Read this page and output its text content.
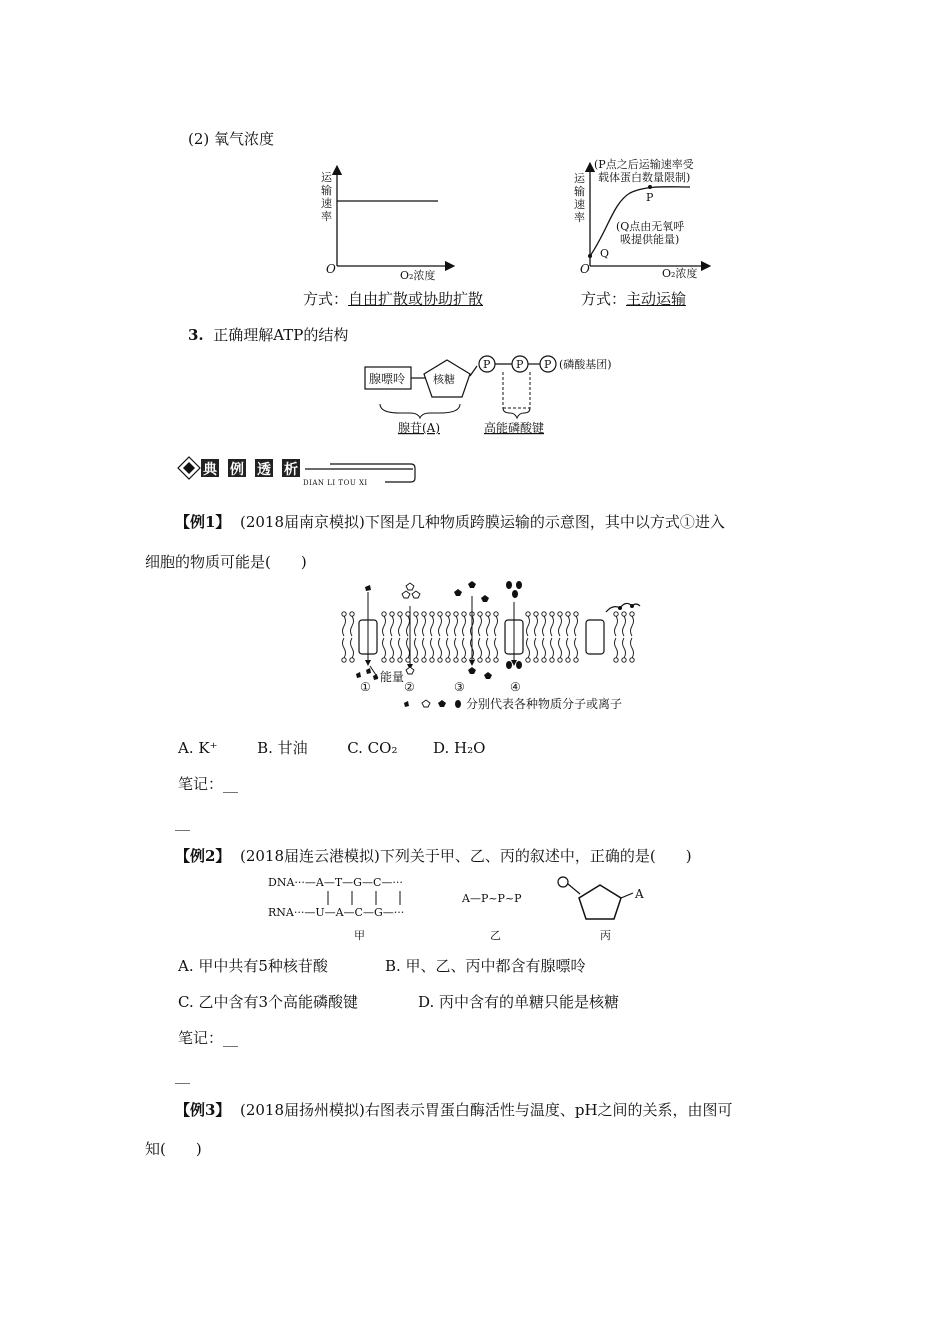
(2) 氧气浓度
运
输
速
率
O	O₂浓度
方式：自由扩散或协助扩散
运
输
速
率
O
Q
P
O₂浓度
(P点之后运输速率受
载体蛋白数量限制)
(Q点由无氧呼
吸提供能量)
方式：主动运输
3. 正确理解ATP的结构
腺嘌呤	核糖
P P P (磷酸基团)
腺苷(A)	高能磷酸键
典 例 透 析
DIAN LI TOU XI
【例1】 (2018届南京模拟)下图是几种物质跨膜运输的示意图，其中以方式①进入
细胞的物质可能是(　　)
能量
①	②	③	④
分别代表各种物质分子或离子
A. K⁺	B. 甘油	C. CO₂ D. H₂O
笔记：__
__
【例2】 (2018届连云港模拟)下列关于甲、乙、丙的叙述中，正确的是(　　)
DNA···—A—T—G—C—···
RNA···—U—A—C—G—···
甲
A—P~P~P
乙
A
丙
A. 甲中共有5种核苷酸	B. 甲、乙、丙中都含有腺嘌呤
C. 乙中含有3个高能磷酸键	D. 丙中含有的单糖只能是核糖
笔记：__
__
【例3】 (2018届扬州模拟)右图表示胃蛋白酶活性与温度、pH之间的关系，由图可
知(　　)
